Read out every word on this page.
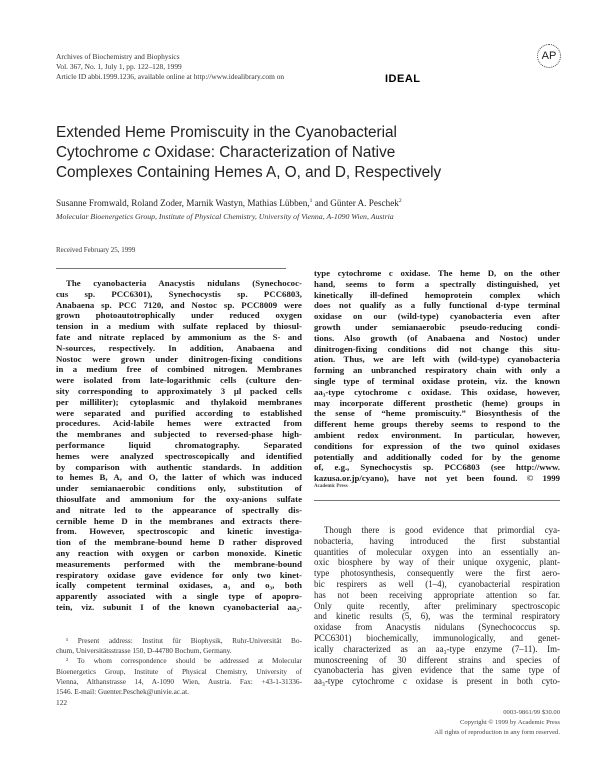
Archives of Biochemistry and Biophysics
Vol. 367, No. 1, July 1, pp. 122–128, 1999
Article ID abbi.1999.1236, available online at http://www.idealibrary.com on	IDEAL
AP
Extended Heme Promiscuity in the Cyanobacterial
Cytochrome c Oxidase: Characterization of Native
Complexes Containing Hemes A, O, and D, Respectively
Susanne Fromwald, Roland Zoder, Marnik Wastyn, Mathias Lübben,$^1$ and Günter A. Peschek$^2$
Molecular Bioenergetics Group, Institute of Physical Chemistry, University of Vienna, A-1090 Wien, Austria
Received February 25, 1999
The cyanobacteria Anacystis nidulans (Synechococ-
cus sp. PCC6301), Synechocystis sp. PCC6803,
Anabaena sp. PCC 7120, and Nostoc sp. PCC8009 were
grown photoautotrophically under reduced oxygen
tension in a medium with sulfate replaced by thiosul-
fate and nitrate replaced by ammonium as the S- and
N-sources, respectively. In addition, Anabaena and
Nostoc were grown under dinitrogen-fixing conditions
in a medium free of combined nitrogen. Membranes
were isolated from late-logarithmic cells (culture den-
sity corresponding to approximately 3 μl packed cells
per milliliter); cytoplasmic and thylakoid membranes
were separated and purified according to established
procedures. Acid-labile hemes were extracted from
the membranes and subjected to reversed-phase high-
performance liquid chromatography. Separated
hemes were analyzed spectroscopically and identified
by comparison with authentic standards. In addition
to hemes B, A, and O, the latter of which was induced
under semianaerobic conditions only, substitution of
thiosulfate and ammonium for the oxy-anions sulfate
and nitrate led to the appearance of spectrally dis-
cernible heme D in the membranes and extracts there-
from. However, spectroscopic and kinetic investiga-
tion of the membrane-bound heme D rather disproved
any reaction with oxygen or carbon monoxide. Kinetic
measurements performed with the membrane-bound
respiratory oxidase gave evidence for only two kinet-
ically competent terminal oxidases, a₃ and o₃, both
apparently associated with a single type of apopro-
tein, viz. subunit I of the known cyanobacterial aa₃-
type cytochrome c oxidase. The heme D, on the other
hand, seems to form a spectrally distinguished, yet
kinetically ill-defined hemoprotein complex which
does not qualify as a fully functional d-type terminal
oxidase on our (wild-type) cyanobacteria even after
growth under semianaerobic pseudo-reducing condi-
tions. Also growth (of Anabaena and Nostoc) under
dinitrogen-fixing conditions did not change this situ-
ation. Thus, we are left with (wild-type) cyanobacteria
forming an unbranched respiratory chain with only a
single type of terminal oxidase protein, viz. the known
aa₃-type cytochrome c oxidase. This oxidase, however,
may incorporate different prosthetic (heme) groups in
the sense of “heme promiscuity.” Biosynthesis of the
different heme groups thereby seems to respond to the
ambient redox environment. In particular, however,
conditions for expression of the two quinol oxidases
potentially and additionally coded for by the genome
of, e.g., Synechocystis sp. PCC6803 (see http://www.
kazusa.or.jp/cyano), have not yet been found. © 1999
Academic Press
Though there is good evidence that primordial cya-
nobacteria, having introduced the first substantial
quantities of molecular oxygen into an essentially an-
oxic biosphere by way of their unique oxygenic, plant-
type photosynthesis, consequently were the first aero-
bic respirers as well (1–4), cyanobacterial respiration
has not been receiving appropriate attention so far.
Only quite recently, after preliminary spectroscopic
and kinetic results (5, 6), was the terminal respiratory
oxidase from Anacystis nidulans (Synechococcus sp.
PCC6301) biochemically, immunologically, and genet-
ically characterized as an aa₃-type enzyme (7–11). Im-
munoscreening of 30 different strains and species of
cyanobacteria has given evidence that the same type of
aa₃-type cytochrome c oxidase is present in both cyto-
¹ Present address: Institut für Biophysik, Ruhr-Universität Bo-
chum, Universitätsstrasse 150, D-44780 Bochum, Germany.
² To whom correspondence should be addressed at Molecular
Bioenergetics Group, Institute of Physical Chemistry, University of
Vienna, Althanstrasse 14, A-1090 Wien, Austria. Fax: +43-1-31336-
1546. E-mail: Guenter.Peschek@univie.ac.at.
122
0003-9861/99 $30.00
Copyright © 1999 by Academic Press
All rights of reproduction in any form reserved.
